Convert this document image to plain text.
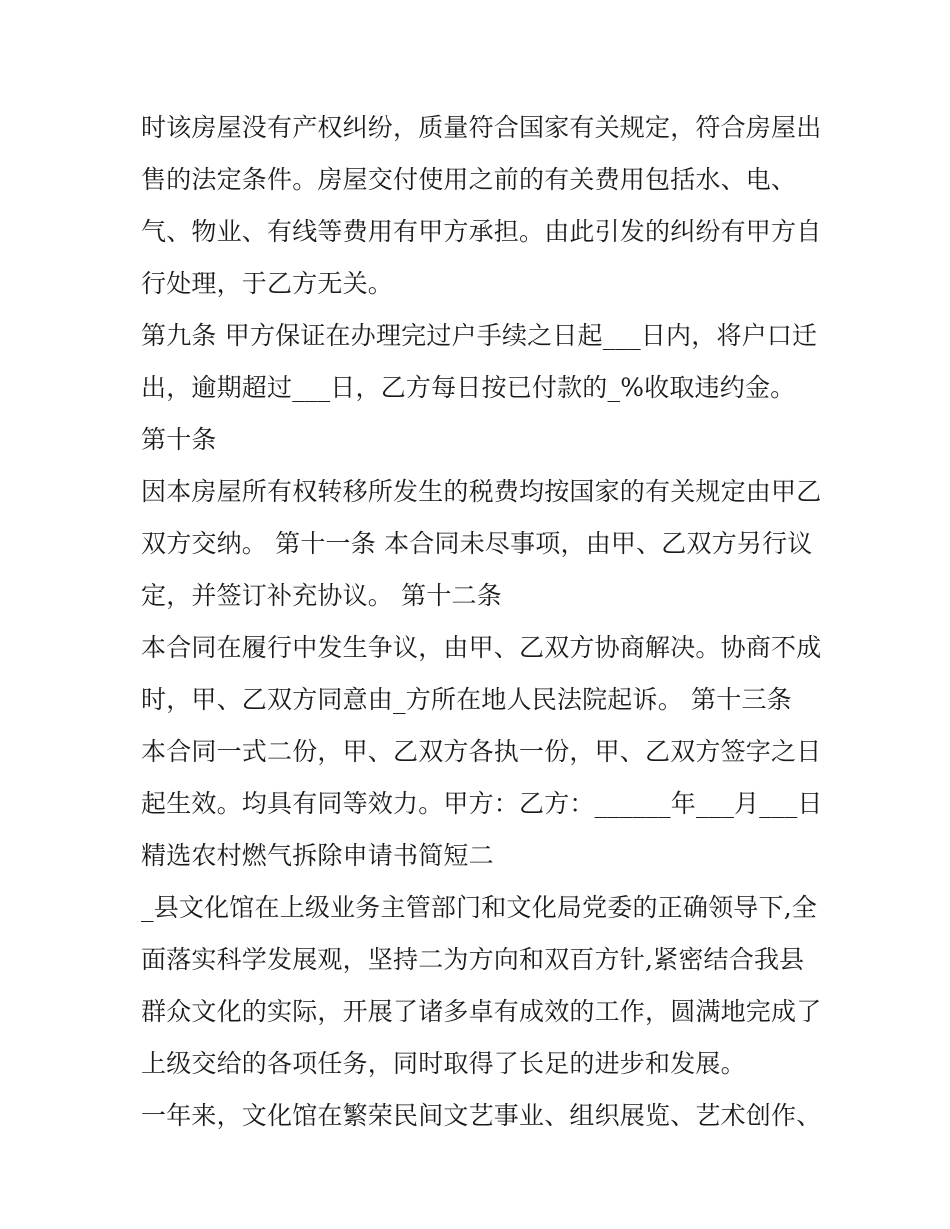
时该房屋没有产权纠纷，质量符合国家有关规定，符合房屋出
售的法定条件。房屋交付使用之前的有关费用包括水、电、
气、物业、有线等费用有甲方承担。由此引发的纠纷有甲方自
行处理，于乙方无关。
第九条 甲方保证在办理完过户手续之日起___日内，将户口迁
出，逾期超过___日，乙方每日按已付款的_%收取违约金。
第十条
因本房屋所有权转移所发生的税费均按国家的有关规定由甲乙
双方交纳。 第十一条 本合同未尽事项，由甲、乙双方另行议
定，并签订补充协议。 第十二条
本合同在履行中发生争议，由甲、乙双方协商解决。协商不成
时，甲、乙双方同意由_方所在地人民法院起诉。 第十三条
本合同一式二份，甲、乙双方各执一份，甲、乙双方签字之日
起生效。均具有同等效力。甲方：乙方：______年___月___日
精选农村燃气拆除申请书简短二
_县文化馆在上级业务主管部门和文化局党委的正确领导下,全
面落实科学发展观，坚持二为方向和双百方针,紧密结合我县
群众文化的实际，开展了诸多卓有成效的工作，圆满地完成了
上级交给的各项任务，同时取得了长足的进步和发展。
一年来，文化馆在繁荣民间文艺事业、组织展览、艺术创作、
